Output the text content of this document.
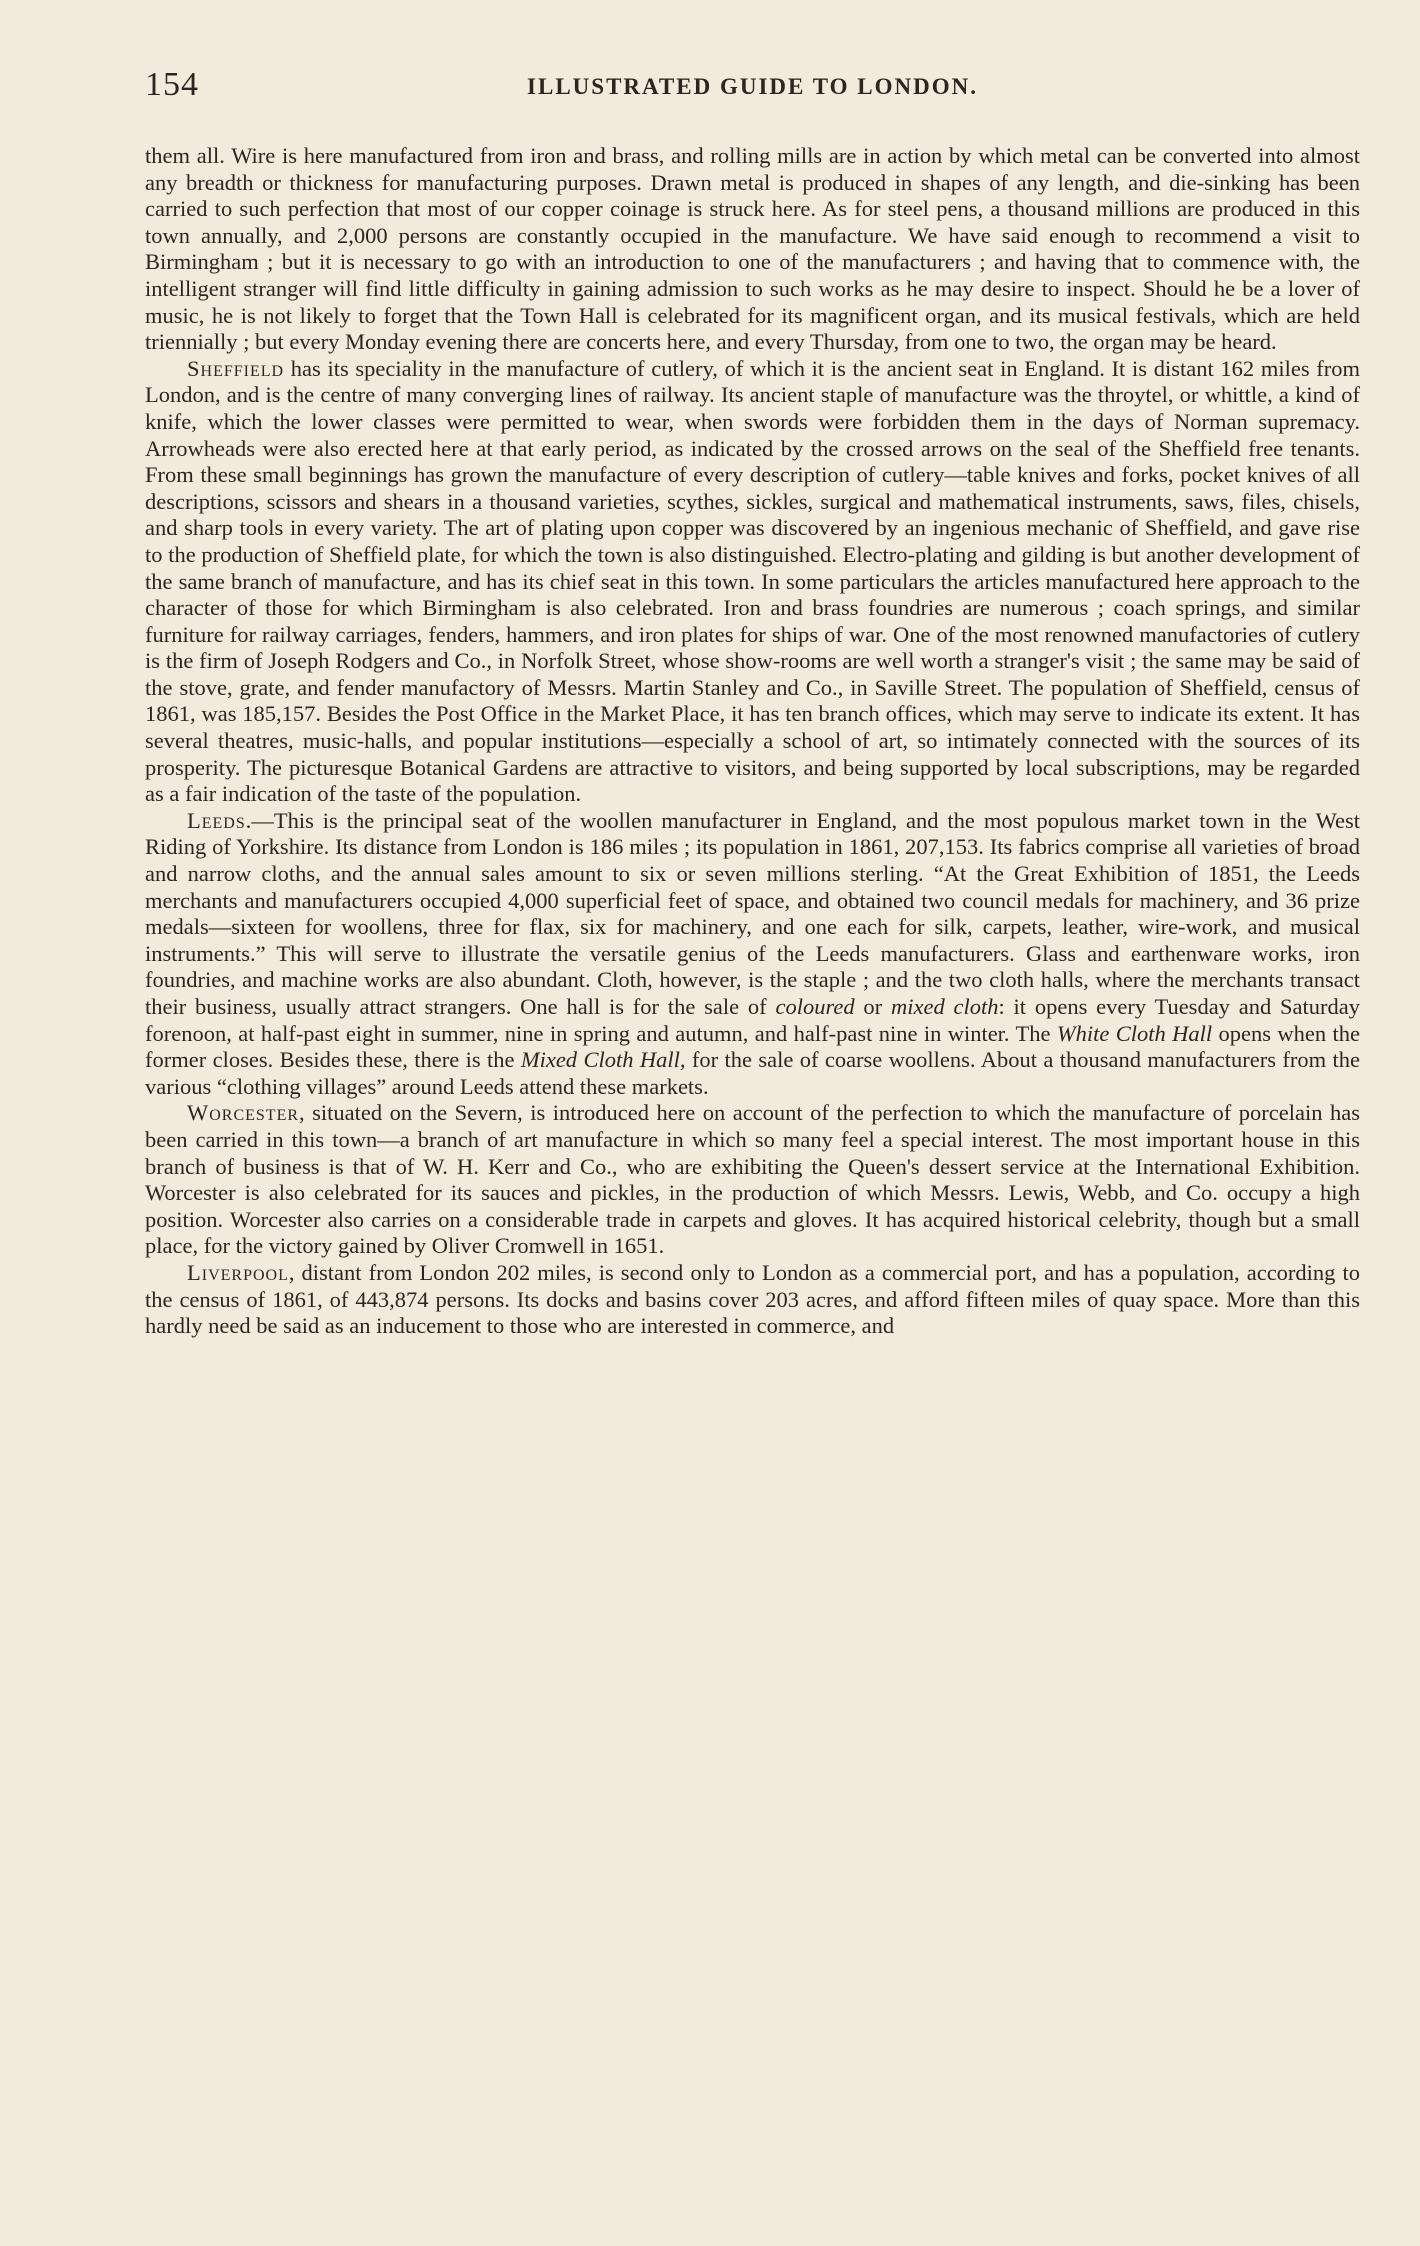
154	ILLUSTRATED GUIDE TO LONDON.

them all. Wire is here manufactured from iron and brass, and rolling mills are in action by which metal can be converted into almost any breadth or thickness for manufacturing purposes. Drawn metal is produced in shapes of any length, and die-sinking has been carried to such perfection that most of our copper coinage is struck here. As for steel pens, a thousand millions are produced in this town annually, and 2,000 persons are constantly occupied in the manufacture. We have said enough to recommend a visit to Birmingham ; but it is necessary to go with an introduction to one of the manufacturers ; and having that to commence with, the intelligent stranger will find little difficulty in gaining admission to such works as he may desire to inspect. Should he be a lover of music, he is not likely to forget that the Town Hall is celebrated for its magnificent organ, and its musical festivals, which are held triennially ; but every Monday evening there are concerts here, and every Thursday, from one to two, the organ may be heard.

Sheffield has its speciality in the manufacture of cutlery, of which it is the ancient seat in England. It is distant 162 miles from London, and is the centre of many converging lines of railway. Its ancient staple of manufacture was the throytel, or whittle, a kind of knife, which the lower classes were permitted to wear, when swords were forbidden them in the days of Norman supremacy. Arrowheads were also erected here at that early period, as indicated by the crossed arrows on the seal of the Sheffield free tenants. From these small beginnings has grown the manufacture of every description of cutlery—table knives and forks, pocket knives of all descriptions, scissors and shears in a thousand varieties, scythes, sickles, surgical and mathematical instruments, saws, files, chisels, and sharp tools in every variety. The art of plating upon copper was discovered by an ingenious mechanic of Sheffield, and gave rise to the production of Sheffield plate, for which the town is also distinguished. Electro-plating and gilding is but another development of the same branch of manufacture, and has its chief seat in this town. In some particulars the articles manufactured here approach to the character of those for which Birmingham is also celebrated. Iron and brass foundries are numerous ; coach springs, and similar furniture for railway carriages, fenders, hammers, and iron plates for ships of war. One of the most renowned manufactories of cutlery is the firm of Joseph Rodgers and Co., in Norfolk Street, whose show-rooms are well worth a stranger's visit ; the same may be said of the stove, grate, and fender manufactory of Messrs. Martin Stanley and Co., in Saville Street. The population of Sheffield, census of 1861, was 185,157. Besides the Post Office in the Market Place, it has ten branch offices, which may serve to indicate its extent. It has several theatres, music-halls, and popular institutions—especially a school of art, so intimately connected with the sources of its prosperity. The picturesque Botanical Gardens are attractive to visitors, and being supported by local subscriptions, may be regarded as a fair indication of the taste of the population.

Leeds.—This is the principal seat of the woollen manufacturer in England, and the most populous market town in the West Riding of Yorkshire. Its distance from London is 186 miles ; its population in 1861, 207,153. Its fabrics comprise all varieties of broad and narrow cloths, and the annual sales amount to six or seven millions sterling. “At the Great Exhibition of 1851, the Leeds merchants and manufacturers occupied 4,000 superficial feet of space, and obtained two council medals for machinery, and 36 prize medals—sixteen for woollens, three for flax, six for machinery, and one each for silk, carpets, leather, wire-work, and musical instruments.” This will serve to illustrate the versatile genius of the Leeds manufacturers. Glass and earthenware works, iron foundries, and machine works are also abundant. Cloth, however, is the staple ; and the two cloth halls, where the merchants transact their business, usually attract strangers. One hall is for the sale of coloured or mixed cloth: it opens every Tuesday and Saturday forenoon, at half-past eight in summer, nine in spring and autumn, and half-past nine in winter. The White Cloth Hall opens when the former closes. Besides these, there is the Mixed Cloth Hall, for the sale of coarse woollens. About a thousand manufacturers from the various “clothing villages” around Leeds attend these markets.

Worcester, situated on the Severn, is introduced here on account of the perfection to which the manufacture of porcelain has been carried in this town—a branch of art manufacture in which so many feel a special interest. The most important house in this branch of business is that of W. H. Kerr and Co., who are exhibiting the Queen's dessert service at the International Exhibition. Worcester is also celebrated for its sauces and pickles, in the production of which Messrs. Lewis, Webb, and Co. occupy a high position. Worcester also carries on a considerable trade in carpets and gloves. It has acquired historical celebrity, though but a small place, for the victory gained by Oliver Cromwell in 1651.

Liverpool, distant from London 202 miles, is second only to London as a commercial port, and has a population, according to the census of 1861, of 443,874 persons. Its docks and basins cover 203 acres, and afford fifteen miles of quay space. More than this hardly need be said as an inducement to those who are interested in commerce, and
